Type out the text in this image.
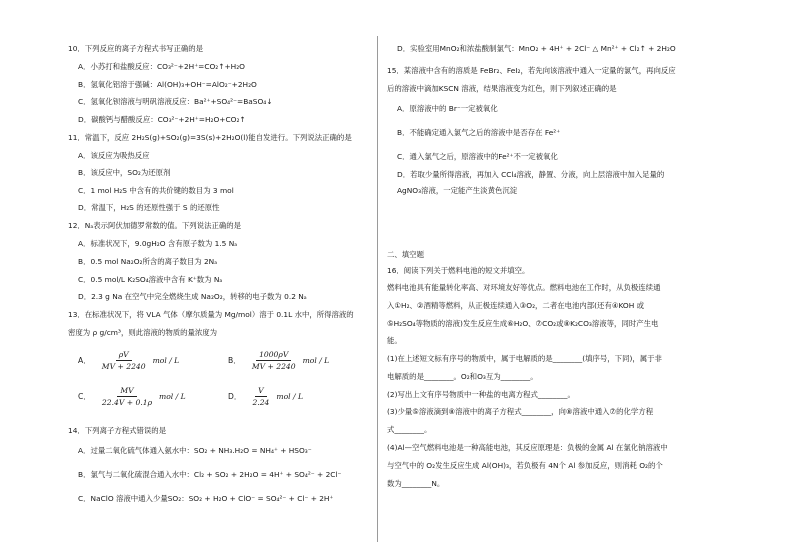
10．下列反应的离子方程式书写正确的是
A．小苏打和盐酸反应：CO₃²⁻+2H⁺=CO₂↑+H₂O
B．氢氧化铝溶于强碱：Al(OH)₃+OH⁻=AlO₂⁻+2H₂O
C．氢氧化钡溶液与明矾溶液反应：Ba²⁺+SO₄²⁻=BaSO₄↓
D．碳酸钙与醋酸反应：CO₃²⁻+2H⁺=H₂O+CO₂↑
11．常温下，反应 2H₂S(g)+SO₂(g)=3S(s)+2H₂O(l)能自发进行。下列说法正确的是
A．该反应为吸热反应
B．该反应中，SO₂为还原剂
C．1 mol H₂S 中含有的共价键的数目为 3 mol
D．常温下，H₂S 的还原性强于 S 的还原性
12．Nₐ表示阿伏加德罗常数的值。下列说法正确的是
A．标准状况下，9.0gH₂O 含有原子数为 1.5 Nₐ
B．0.5 mol Na₂O₂所含的离子数目为 2Nₐ
C．0.5 mol/L K₂SO₄溶液中含有 K⁺数为 Nₐ
D．2.3 g Na 在空气中完全燃烧生成 Na₂O₂，转移的电子数为 0.2 Nₐ
13．在标准状况下，将 VLA 气体（摩尔质量为 Mg/mol）溶于 0.1L 水中，所得溶液的
密度为 ρ g/cm³，则此溶液的物质的量浓度为
A． $\frac{\rho V}{MV + 2240}$ mol / L	B． $\frac{1000\rho V}{MV + 2240}$ mol / L
C． $\frac{MV}{22.4V + 0.1\rho}$ mol / L	D． $\frac{V}{2.24}$ mol / L
14．下列离子方程式错误的是
A．过量二氧化硫气体通入氨水中：SO₂ + NH₃.H₂O = NH₄⁺ + HSO₃⁻
B．氯气与二氧化硫混合通入水中：Cl₂ + SO₂ + 2H₂O = 4H⁺ + SO₄²⁻ + 2Cl⁻
C．NaClO 溶液中通入少量SO₂：SO₂ + H₂O + ClO⁻ = SO₄²⁻ + Cl⁻ + 2H⁺
D．实验室用MnO₂和浓盐酸制氯气：MnO₂ + 4H⁺ + 2Cl⁻ △ Mn²⁺ + Cl₂↑ + 2H₂O
15．某溶液中含有的溶质是 FeBr₂、FeI₂，若先向该溶液中通入一定量的氯气，再向反应
后的溶液中滴加KSCN 溶液，结果溶液变为红色，则下列叙述正确的是
A．原溶液中的 Br⁻一定被氧化
B．不能确定通入氯气之后的溶液中是否存在 Fe²⁺
C．通入氯气之后，原溶液中的Fe²⁺不一定被氧化
D．若取少量所得溶液，再加入 CCl₄溶液，静置、分液，向上层溶液中加入足量的
AgNO₃溶液，一定能产生淡黄色沉淀
二、填空题
16．阅读下列关于燃料电池的短文并填空。
燃料电池具有能量转化率高、对环境友好等优点。燃料电池在工作时，从负极连续通
入①H₂、②酒精等燃料，从正极连续通入③O₂，二者在电池内部(还有④KOH 或
⑤H₂SO₄等物质的溶液)发生反应生成⑥H₂O、⑦CO₂或⑧K₂CO₃溶液等，同时产生电
能。
(1)在上述短文标有序号的物质中，属于电解质的是________(填序号，下同)，属于非
电解质的是________。O₂和O₃互为________。
(2)写出上文有序号物质中一种盐的电离方程式________。
(3)少量⑤溶液滴到⑧溶液中的离子方程式________，向⑧溶液中通入⑦的化学方程
式________。
(4)Al—空气燃料电池是一种高能电池，其反应原理是：负极的金属 Al 在氯化钠溶液中
与空气中的 O₂发生反应生成 Al(OH)₃，若负极有 4N个 Al 参加反应，则消耗 O₂的个
数为________N。
